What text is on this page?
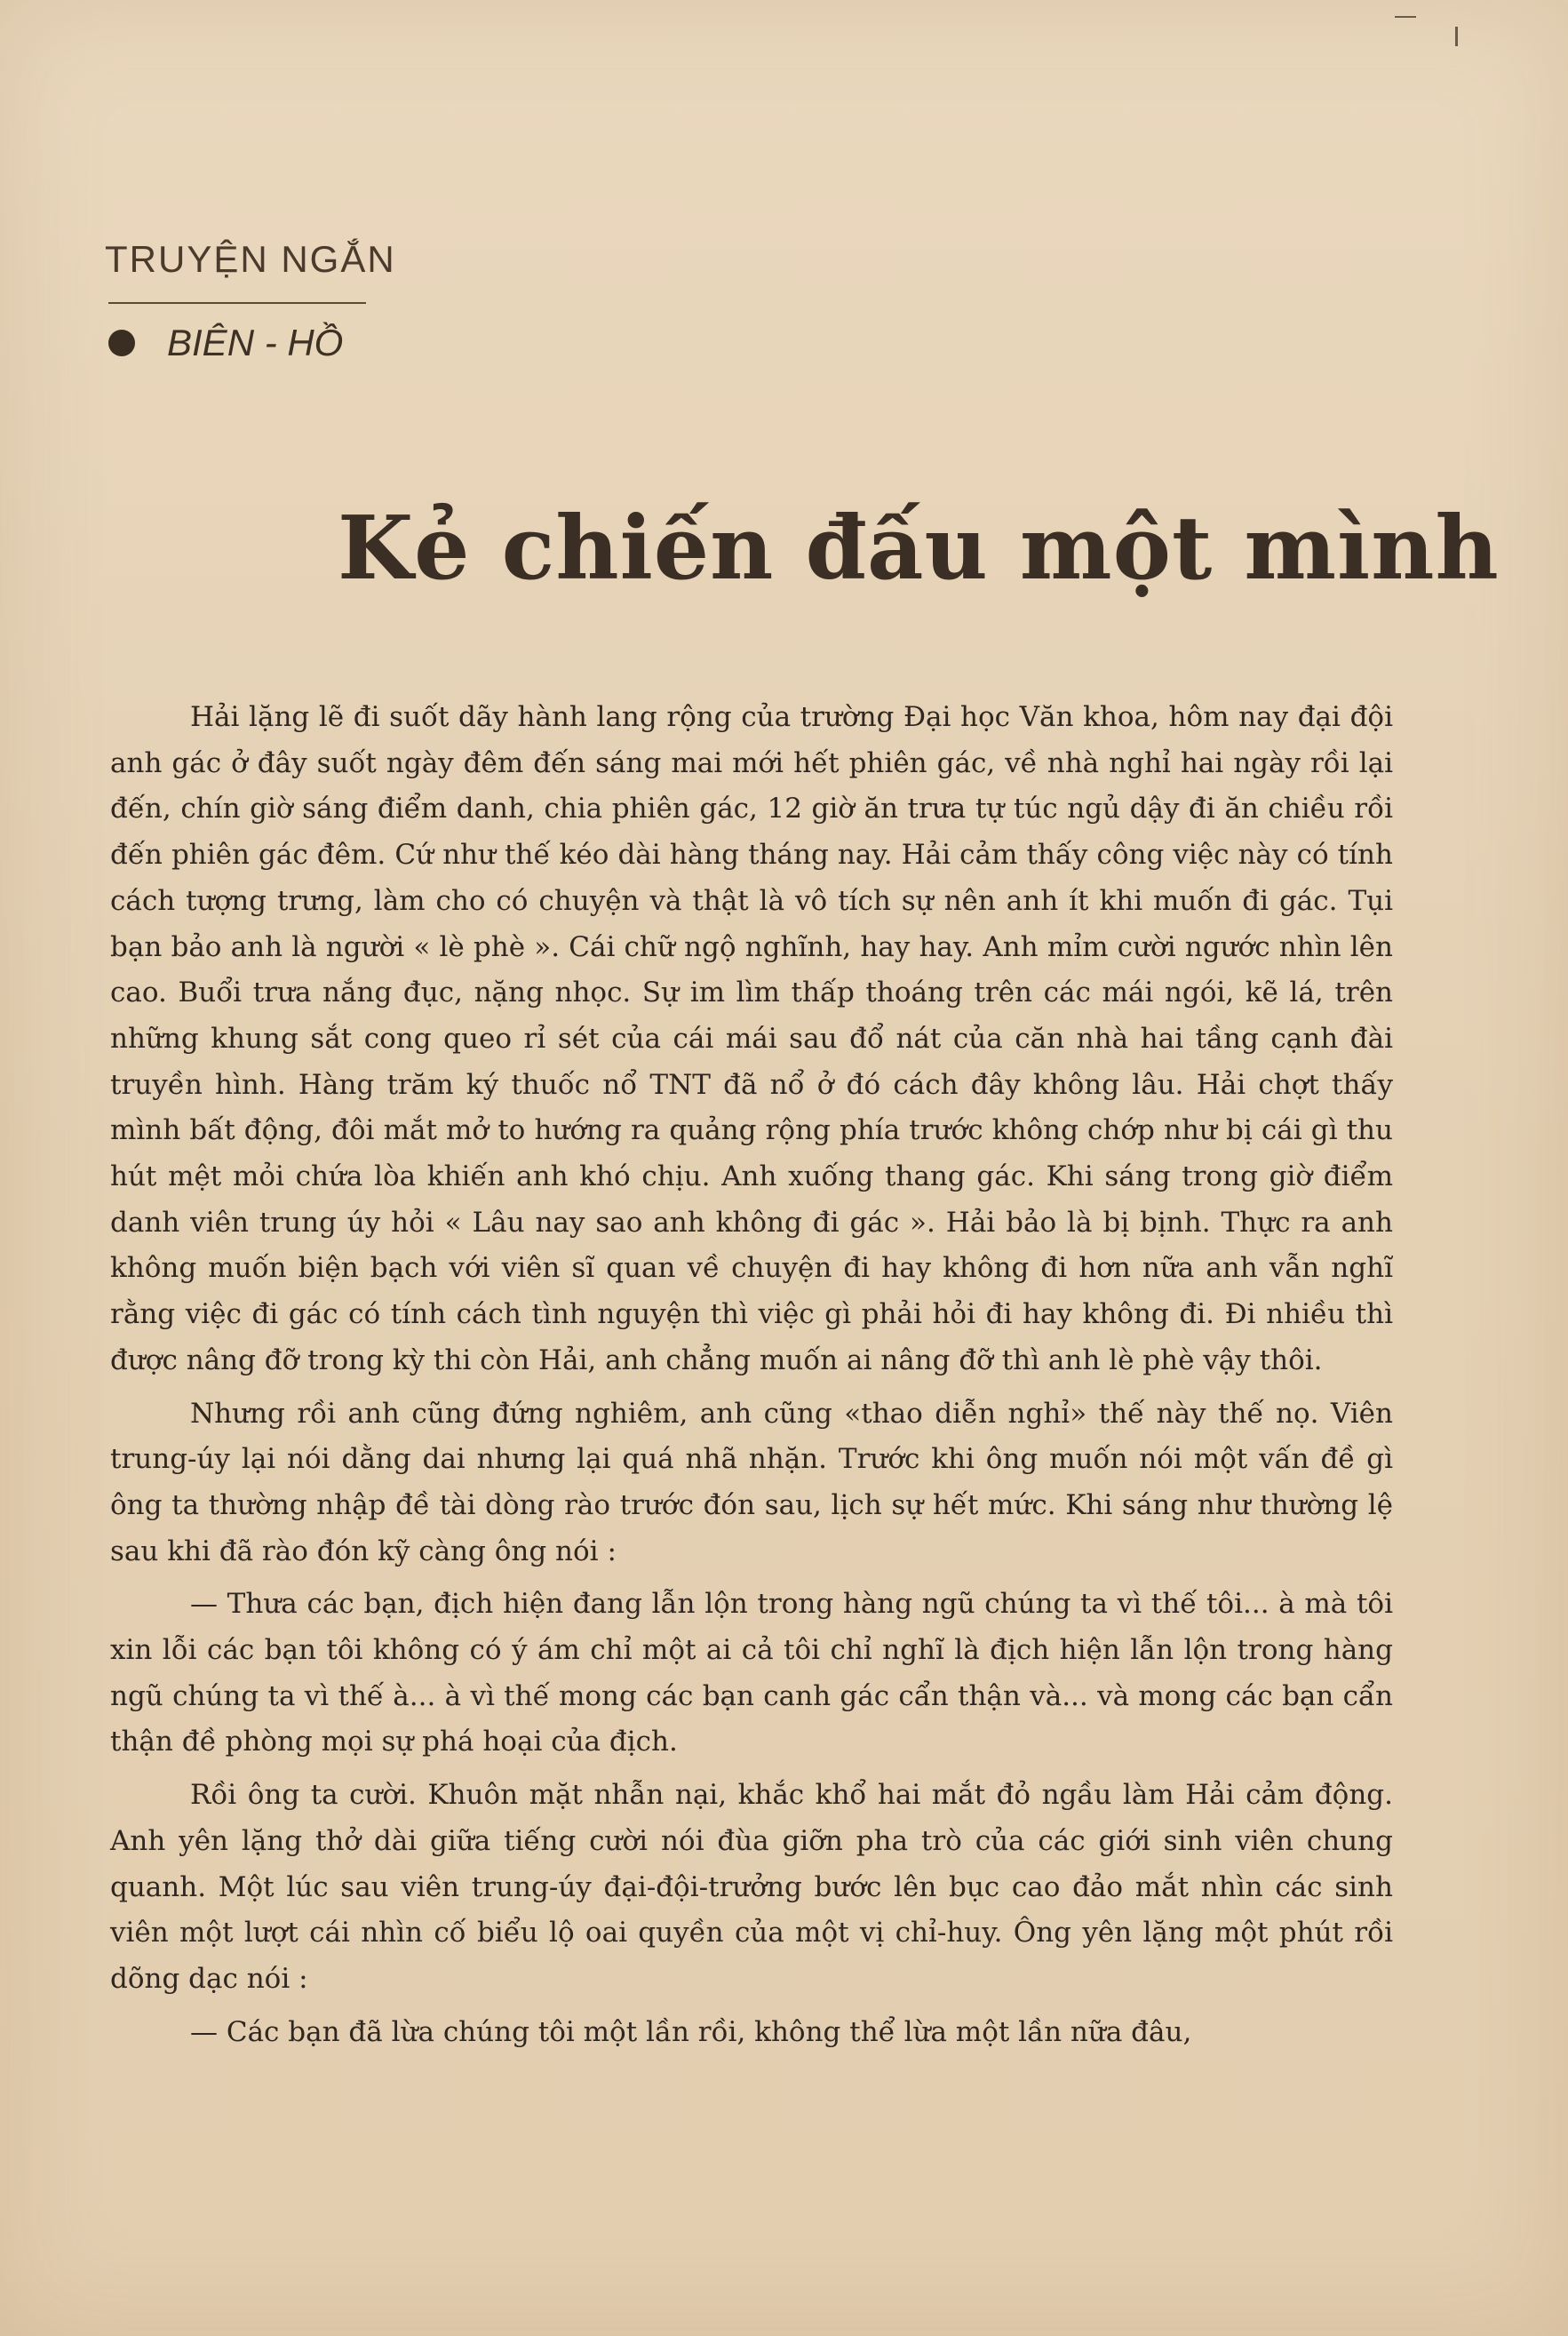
TRUYỆN NGẮN
BIÊN - HỒ
Kẻ chiến đấu một mình

Hải lặng lẽ đi suốt dãy hành lang rộng của trường Đại học Văn khoa, hôm nay đại đội anh gác ở đây suốt ngày đêm đến sáng mai mới hết phiên gác, về nhà nghỉ hai ngày rồi lại đến, chín giờ sáng điểm danh, chia phiên gác, 12 giờ ăn trưa tự túc ngủ dậy đi ăn chiều rồi đến phiên gác đêm. Cứ như thế kéo dài hàng tháng nay. Hải cảm thấy công việc này có tính cách tượng trưng, làm cho có chuyện và thật là vô tích sự nên anh ít khi muốn đi gác. Tụi bạn bảo anh là người « lè phè ». Cái chữ ngộ nghĩnh, hay hay. Anh mỉm cười ngước nhìn lên cao. Buổi trưa nắng đục, nặng nhọc. Sự im lìm thấp thoáng trên các mái ngói, kẽ lá, trên những khung sắt cong queo rỉ sét của cái mái sau đổ nát của căn nhà hai tầng cạnh đài truyền hình. Hàng trăm ký thuốc nổ TNT đã nổ ở đó cách đây không lâu. Hải chợt thấy mình bất động, đôi mắt mở to hướng ra quảng rộng phía trước không chớp như bị cái gì thu hút mệt mỏi chứa lòa khiến anh khó chịu. Anh xuống thang gác. Khi sáng trong giờ điểm danh viên trung úy hỏi « Lâu nay sao anh không đi gác ». Hải bảo là bị bịnh. Thực ra anh không muốn biện bạch với viên sĩ quan về chuyện đi hay không đi hơn nữa anh vẫn nghĩ rằng việc đi gác có tính cách tình nguyện thì việc gì phải hỏi đi hay không đi. Đi nhiều thì được nâng đỡ trong kỳ thi còn Hải, anh chẳng muốn ai nâng đỡ thì anh lè phè vậy thôi.

Nhưng rồi anh cũng đứng nghiêm, anh cũng «thao diễn nghỉ» thế này thế nọ. Viên trung-úy lại nói dằng dai nhưng lại quá nhã nhặn. Trước khi ông muốn nói một vấn đề gì ông ta thường nhập đề tài dòng rào trước đón sau, lịch sự hết mức. Khi sáng như thường lệ sau khi đã rào đón kỹ càng ông nói :

— Thưa các bạn, địch hiện đang lẫn lộn trong hàng ngũ chúng ta vì thế tôi... à mà tôi xin lỗi các bạn tôi không có ý ám chỉ một ai cả tôi chỉ nghĩ là địch hiện lẫn lộn trong hàng ngũ chúng ta vì thế à... à vì thế mong các bạn canh gác cẩn thận và... và mong các bạn cẩn thận đề phòng mọi sự phá hoại của địch.

Rồi ông ta cười. Khuôn mặt nhẫn nại, khắc khổ hai mắt đỏ ngầu làm Hải cảm động. Anh yên lặng thở dài giữa tiếng cười nói đùa giỡn pha trò của các giới sinh viên chung quanh. Một lúc sau viên trung-úy đại-đội-trưởng bước lên bục cao đảo mắt nhìn các sinh viên một lượt cái nhìn cố biểu lộ oai quyền của một vị chỉ-huy. Ông yên lặng một phút rồi dõng dạc nói :

— Các bạn đã lừa chúng tôi một lần rồi, không thể lừa một lần nữa đâu,
